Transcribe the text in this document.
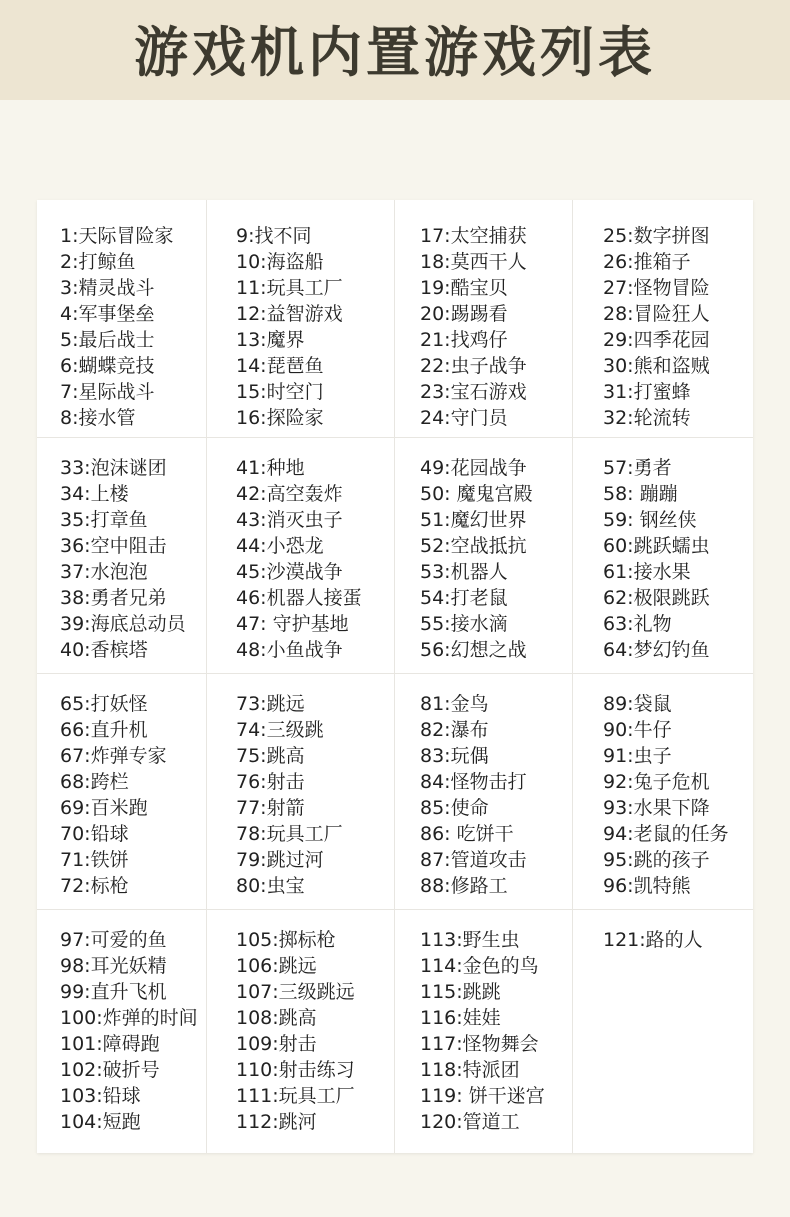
游戏机内置游戏列表
1:天际冒险家
2:打鲸鱼
3:精灵战斗
4:军事堡垒
5:最后战士
6:蝴蝶竞技
7:星际战斗
8:接水管
9:找不同
10:海盗船
11:玩具工厂
12:益智游戏
13:魔界
14:琵琶鱼
15:时空门
16:探险家
17:太空捕获
18:莫西干人
19:酷宝贝
20:踢踢看
21:找鸡仔
22:虫子战争
23:宝石游戏
24:守门员
25:数字拼图
26:推箱子
27:怪物冒险
28:冒险狂人
29:四季花园
30:熊和盗贼
31:打蜜蜂
32:轮流转
33:泡沫谜团
34:上楼
35:打章鱼
36:空中阻击
37:水泡泡
38:勇者兄弟
39:海底总动员
40:香槟塔
41:种地
42:高空轰炸
43:消灭虫子
44:小恐龙
45:沙漠战争
46:机器人接蛋
47: 守护基地
48:小鱼战争
49:花园战争
50: 魔鬼宫殿
51:魔幻世界
52:空战抵抗
53:机器人
54:打老鼠
55:接水滴
56:幻想之战
57:勇者
58: 蹦蹦
59: 钢丝侠
60:跳跃蠕虫
61:接水果
62:极限跳跃
63:礼物
64:梦幻钓鱼
65:打妖怪
66:直升机
67:炸弹专家
68:跨栏
69:百米跑
70:铅球
71:铁饼
72:标枪
73:跳远
74:三级跳
75:跳高
76:射击
77:射箭
78:玩具工厂
79:跳过河
80:虫宝
81:金鸟
82:瀑布
83:玩偶
84:怪物击打
85:使命
86: 吃饼干
87:管道攻击
88:修路工
89:袋鼠
90:牛仔
91:虫子
92:兔子危机
93:水果下降
94:老鼠的任务
95:跳的孩子
96:凯特熊
97:可爱的鱼
98:耳光妖精
99:直升飞机
100:炸弹的时间
101:障碍跑
102:破折号
103:铅球
104:短跑
105:掷标枪
106:跳远
107:三级跳远
108:跳高
109:射击
110:射击练习
111:玩具工厂
112:跳河
113:野生虫
114:金色的鸟
115:跳跳
116:娃娃
117:怪物舞会
118:特派团
119: 饼干迷宫
120:管道工
121:路的人
